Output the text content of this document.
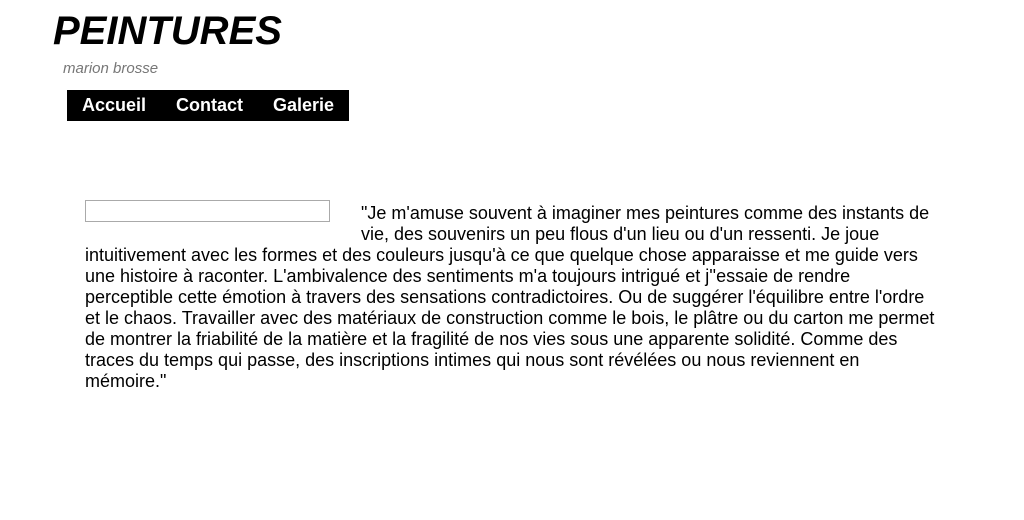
PEINTURES

marion brosse

Accueil Contact Galerie

"Je m'amuse souvent à imaginer mes peintures comme des instants de vie, des souvenirs un peu flous d'un lieu ou d'un ressenti. Je joue intuitivement avec les formes et des couleurs jusqu'à ce que quelque chose apparaisse et me guide vers une histoire à raconter. L'ambivalence des sentiments m'a toujours intrigué et j''essaie de rendre perceptible cette émotion à travers des sensations contradictoires. Ou de suggérer l'équilibre entre l'ordre et le chaos. Travailler avec des matériaux de construction comme le bois, le plâtre ou du carton me permet de montrer la friabilité de la matière et la fragilité de nos vies sous une apparente solidité. Comme des traces du temps qui passe, des inscriptions intimes qui nous sont révélées ou nous reviennent en mémoire."
